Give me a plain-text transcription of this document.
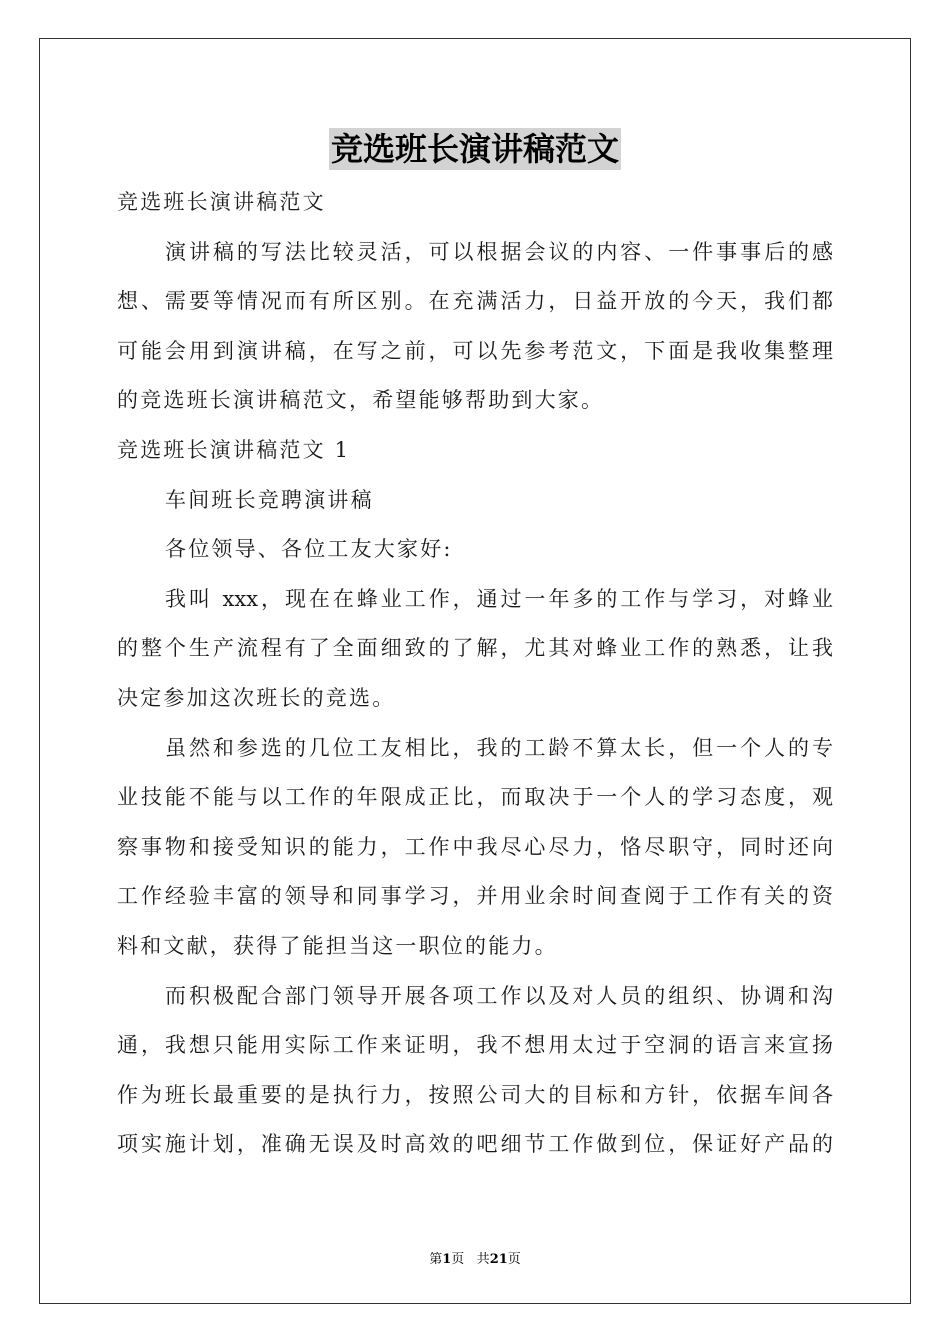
竞选班长演讲稿范文
竞选班长演讲稿范文
演讲稿的写法比较灵活，可以根据会议的内容、一件事事后的感
想、需要等情况而有所区别。在充满活力，日益开放的今天，我们都
可能会用到演讲稿，在写之前，可以先参考范文，下面是我收集整理
的竞选班长演讲稿范文，希望能够帮助到大家。
竞选班长演讲稿范文 1
车间班长竞聘演讲稿
各位领导、各位工友大家好:
我叫 xxx，现在在蜂业工作，通过一年多的工作与学习，对蜂业
的整个生产流程有了全面细致的了解，尤其对蜂业工作的熟悉，让我
决定参加这次班长的竞选。
虽然和参选的几位工友相比，我的工龄不算太长，但一个人的专
业技能不能与以工作的年限成正比，而取决于一个人的学习态度，观
察事物和接受知识的能力，工作中我尽心尽力，恪尽职守，同时还向
工作经验丰富的领导和同事学习，并用业余时间查阅于工作有关的资
料和文献，获得了能担当这一职位的能力。
而积极配合部门领导开展各项工作以及对人员的组织、协调和沟
通，我想只能用实际工作来证明，我不想用太过于空洞的语言来宣扬
作为班长最重要的是执行力，按照公司大的目标和方针，依据车间各
项实施计划，准确无误及时高效的吧细节工作做到位，保证好产品的
第1页 共21页
